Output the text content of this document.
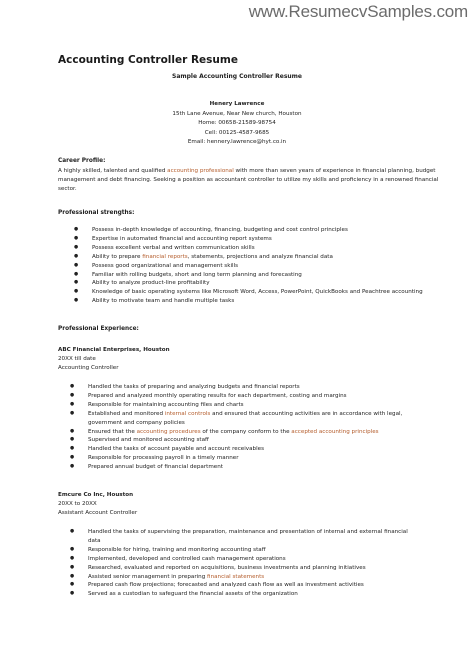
www.ResumecvSamples.com
Accounting Controller Resume
Sample Accounting Controller Resume
Henery Lawrence
15th Lane Avenue, Near New church, Houston
Home: 00658-21589-98754
Cell: 00125-4587-9685
Email: hennery.lawrence@hyt.co.in
Career Profile:
A highly skilled, talented and qualified accounting professional with more than seven years of experience in financial planning, budget management and debt financing. Seeking a position as accountant controller to utilize my skills and proficiency in a renowned financial sector.
Professional strengths:
● Possess in-depth knowledge of accounting, financing, budgeting and cost control principles
● Expertise in automated financial and accounting report systems
● Possess excellent verbal and written communication skills
● Ability to prepare financial reports, statements, projections and analyze financial data
● Possess good organizational and management skills
● Familiar with rolling budgets, short and long term planning and forecasting
● Ability to analyze product-line profitability
● Knowledge of basic operating systems like Microsoft Word, Access, PowerPoint, QuickBooks and Peachtree accounting
● Ability to motivate team and handle multiple tasks
Professional Experience:
ABC Financial Enterprises, Houston
20XX till date
Accounting Controller
● Handled the tasks of preparing and analyzing budgets and financial reports
● Prepared and analyzed monthly operating results for each department, costing and margins
● Responsible for maintaining accounting files and charts
● Established and monitored internal controls and ensured that accounting activities are in accordance with legal, government and company policies
● Ensured that the accounting procedures of the company conform to the accepted accounting principles
● Supervised and monitored accounting staff
● Handled the tasks of account payable and account receivables
● Responsible for processing payroll in a timely manner
● Prepared annual budget of financial department
Emcure Co Inc, Houston
20XX to 20XX
Assistant Account Controller
● Handled the tasks of supervising the preparation, maintenance and presentation of internal and external financial data
● Responsible for hiring, training and monitoring accounting staff
● Implemented, developed and controlled cash management operations
● Researched, evaluated and reported on acquisitions, business investments and planning initiatives
● Assisted senior management in preparing financial statements
● Prepared cash flow projections; forecasted and analyzed cash flow as well as investment activities
● Served as a custodian to safeguard the financial assets of the organization
